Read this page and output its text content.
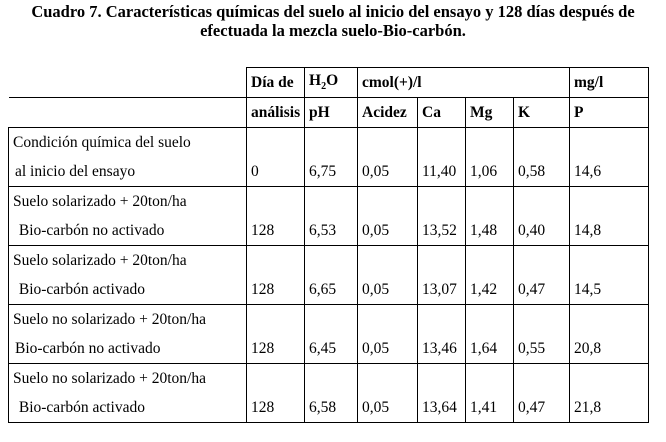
Cuadro 7. Características químicas del suelo al inicio del ensayo y 128 días después de
efectuada la mezcla suelo-Bio-carbón.
	Día de	$H_2O$	cmol(+)/l				mg/l
	análisis	pH	Acidez	Ca	Mg	K	P

Condición química del suelo
al inicio del ensayo	0	6,75	0,05	11,40	1,06	0,58	14,6

Suelo solarizado + 20ton/ha
Bio-carbón no activado	128	6,53	0,05	13,52	1,48	0,40	14,8

Suelo solarizado + 20ton/ha
Bio-carbón activado	128	6,65	0,05	13,07	1,42	0,47	14,5

Suelo no solarizado + 20ton/ha
Bio-carbón no activado	128	6,45	0,05	13,46	1,64	0,55	20,8

Suelo no solarizado + 20ton/ha
Bio-carbón activado	128	6,58	0,05	13,64	1,41	0,47	21,8
